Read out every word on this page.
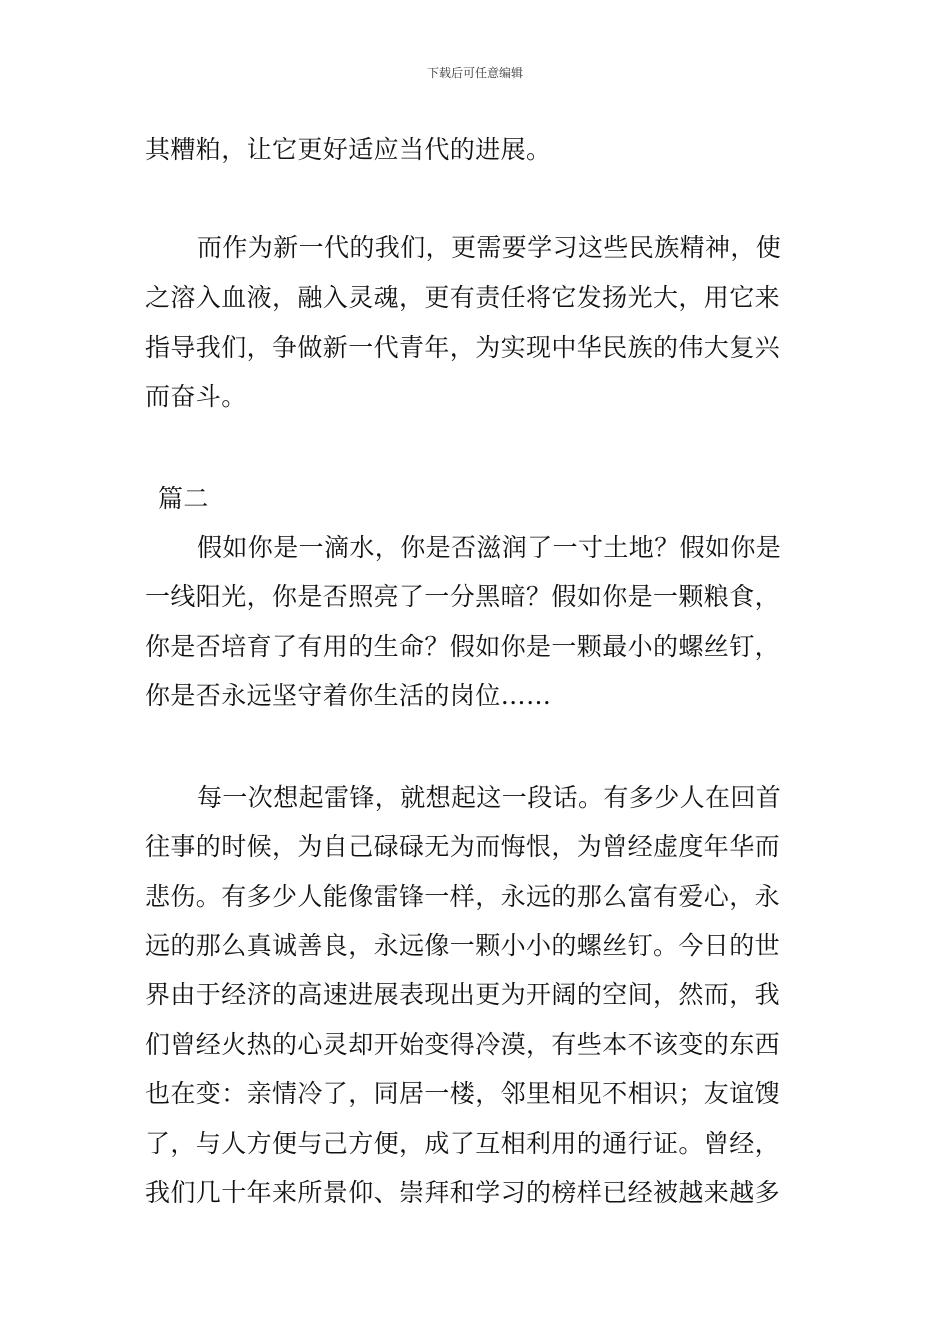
下载后可任意编辑
其糟粕，让它更好适应当代的进展。
而作为新一代的我们，更需要学习这些民族精神，使
之溶入血液，融入灵魂，更有责任将它发扬光大，用它来
指导我们，争做新一代青年，为实现中华民族的伟大复兴
而奋斗。
篇二
假如你是一滴水，你是否滋润了一寸土地？假如你是
一线阳光，你是否照亮了一分黑暗？假如你是一颗粮食，
你是否培育了有用的生命？假如你是一颗最小的螺丝钉，
你是否永远坚守着你生活的岗位……
每一次想起雷锋，就想起这一段话。有多少人在回首
往事的时候，为自己碌碌无为而悔恨，为曾经虚度年华而
悲伤。有多少人能像雷锋一样，永远的那么富有爱心，永
远的那么真诚善良，永远像一颗小小的螺丝钉。今日的世
界由于经济的高速进展表现出更为开阔的空间，然而，我
们曾经火热的心灵却开始变得冷漠，有些本不该变的东西
也在变：亲情冷了，同居一楼，邻里相见不相识；友谊馊
了，与人方便与己方便，成了互相利用的通行证。曾经，
我们几十年来所景仰、崇拜和学习的榜样已经被越来越多
